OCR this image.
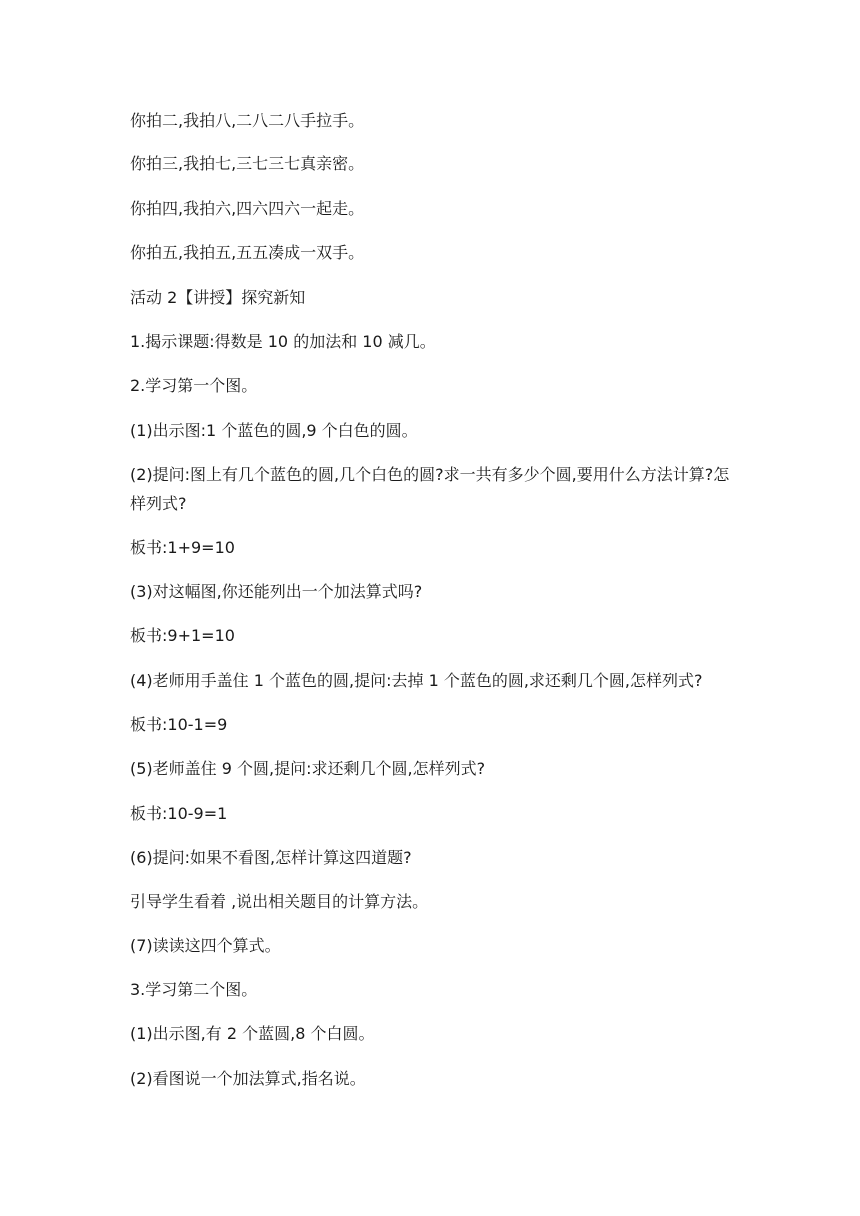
你拍二,我拍八,二八二八手拉手。

你拍三,我拍七,三七三七真亲密。

你拍四,我拍六,四六四六一起走。

你拍五,我拍五,五五凑成一双手。

活动 2【讲授】探究新知

1.揭示课题:得数是 10 的加法和 10 减几。

2.学习第一个图。

(1)出示图:1 个蓝色的圆,9 个白色的圆。

(2)提问:图上有几个蓝色的圆,几个白色的圆?求一共有多少个圆,要用什么方法计算?怎样列式?

板书:1+9=10

(3)对这幅图,你还能列出一个加法算式吗?

板书:9+1=10

(4)老师用手盖住 1 个蓝色的圆,提问:去掉 1 个蓝色的圆,求还剩几个圆,怎样列式?

板书:10-1=9

(5)老师盖住 9 个圆,提问:求还剩几个圆,怎样列式?

板书:10-9=1

(6)提问:如果不看图,怎样计算这四道题?

引导学生看着 ,说出相关题目的计算方法。

(7)读读这四个算式。

3.学习第二个图。

(1)出示图,有 2 个蓝圆,8 个白圆。

(2)看图说一个加法算式,指名说。
